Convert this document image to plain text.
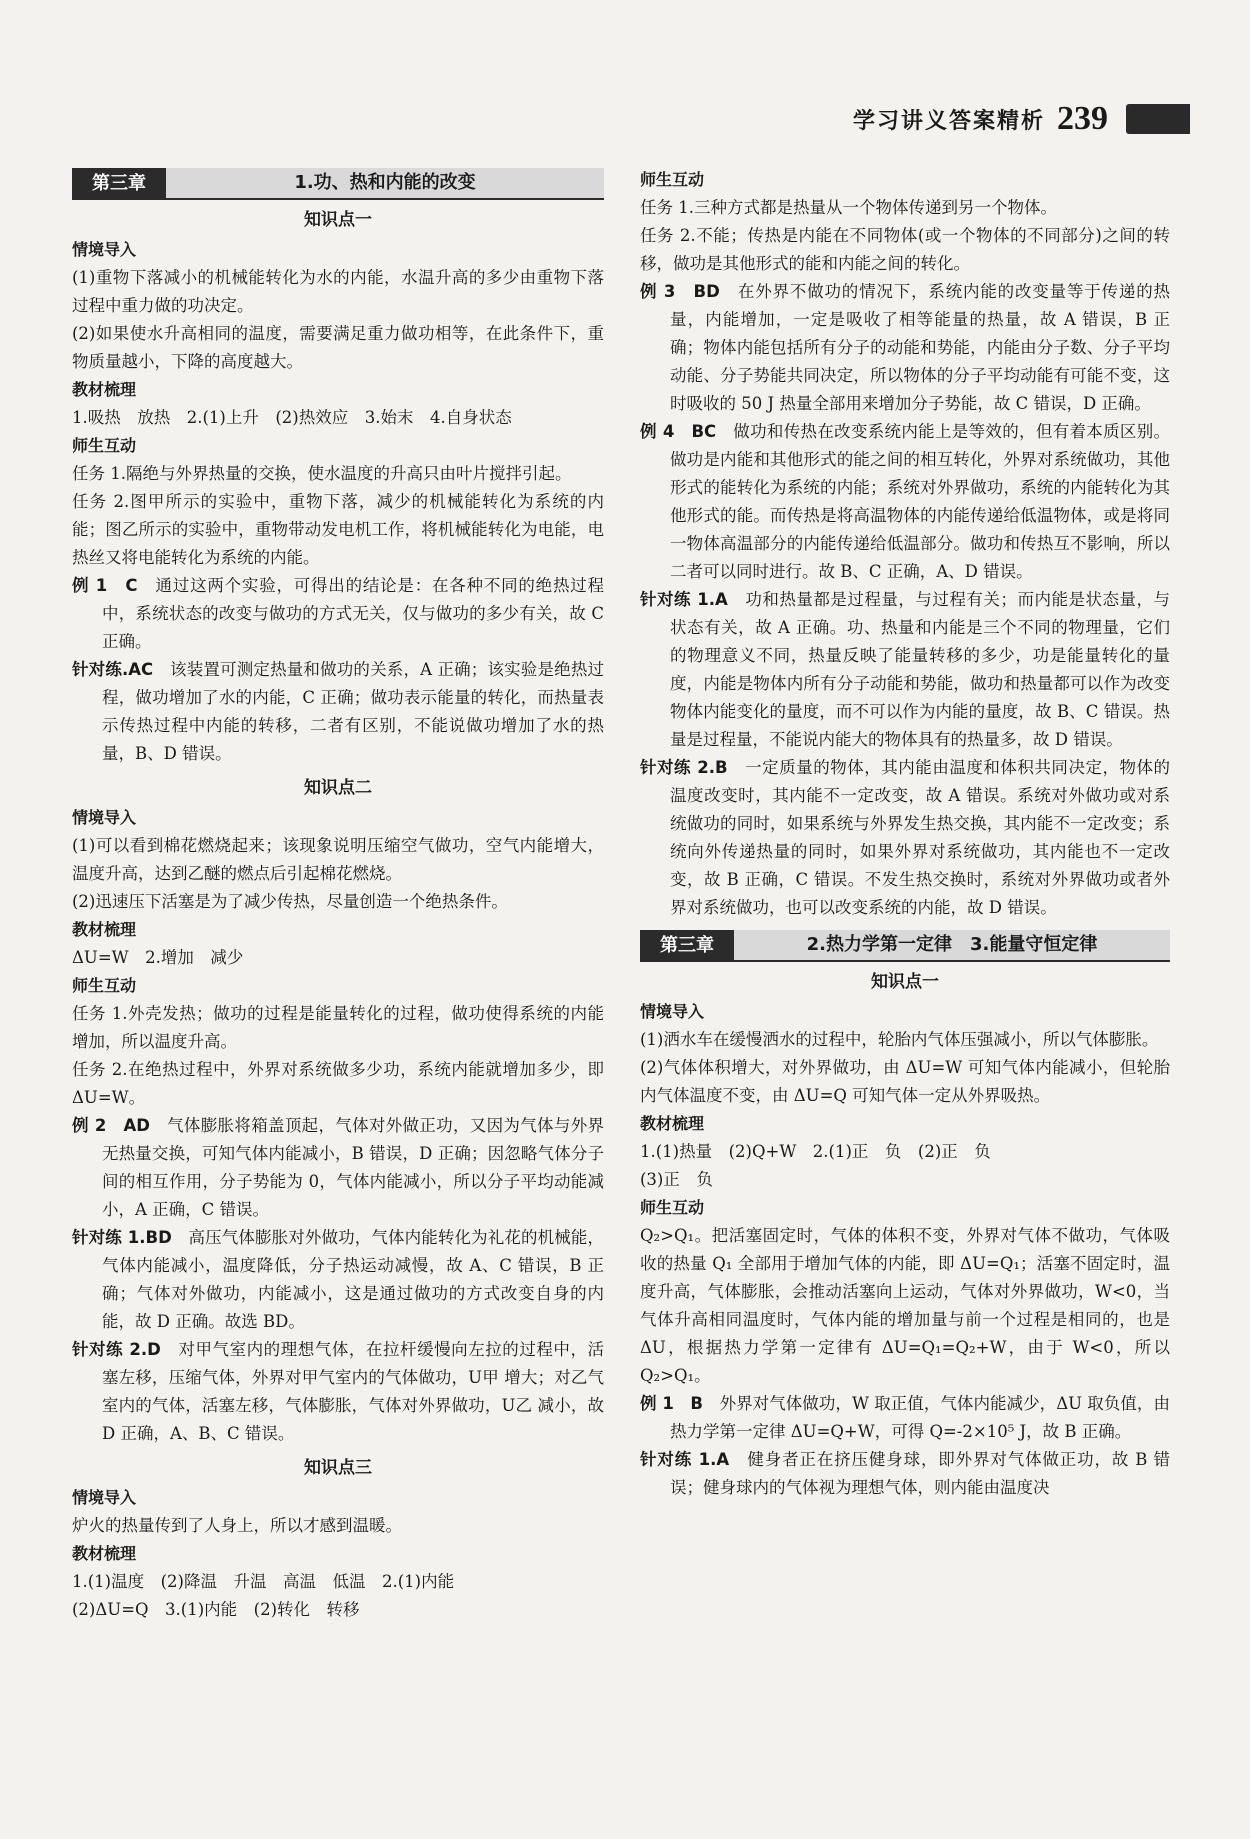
学习讲义答案精析 239
第三章	1.功、热和内能的改变
知识点一
情境导入
(1)重物下落减小的机械能转化为水的内能，水温升高的多少由重物下落过程中重力做的功决定。
(2)如果使水升高相同的温度，需要满足重力做功相等，在此条件下，重物质量越小，下降的高度越大。
教材梳理
1.吸热　放热　2.(1)上升　(2)热效应　3.始末　4.自身状态
师生互动
任务 1.隔绝与外界热量的交换，使水温度的升高只由叶片搅拌引起。
任务 2.图甲所示的实验中，重物下落，减少的机械能转化为系统的内能；图乙所示的实验中，重物带动发电机工作，将机械能转化为电能，电热丝又将电能转化为系统的内能。
例 1　C　 通过这两个实验，可得出的结论是：在各种不同的绝热过程中，系统状态的改变与做功的方式无关，仅与做功的多少有关，故 C 正确。
针对练.AC　 该装置可测定热量和做功的关系，A 正确；该实验是绝热过程，做功增加了水的内能，C 正确；做功表示能量的转化，而热量表示传热过程中内能的转移，二者有区别，不能说做功增加了水的热量，B、D 错误。
知识点二
情境导入
(1)可以看到棉花燃烧起来；该现象说明压缩空气做功，空气内能增大，温度升高，达到乙醚的燃点后引起棉花燃烧。
(2)迅速压下活塞是为了减少传热，尽量创造一个绝热条件。
教材梳理
ΔU=W　2.增加　减少
师生互动
任务 1.外壳发热；做功的过程是能量转化的过程，做功使得系统的内能增加，所以温度升高。
任务 2.在绝热过程中，外界对系统做多少功，系统内能就增加多少，即 ΔU=W。
例 2　AD　 气体膨胀将箱盖顶起，气体对外做正功，又因为气体与外界无热量交换，可知气体内能减小，B 错误，D 正确；因忽略气体分子间的相互作用，分子势能为 0，气体内能减小，所以分子平均动能减小，A 正确，C 错误。
针对练 1.BD　 高压气体膨胀对外做功，气体内能转化为礼花的机械能，气体内能减小，温度降低，分子热运动减慢，故 A、C 错误，B 正确；气体对外做功，内能减小，这是通过做功的方式改变自身的内能，故 D 正确。故选 BD。
针对练 2.D　 对甲气室内的理想气体，在拉杆缓慢向左拉的过程中，活塞左移，压缩气体，外界对甲气室内的气体做功，U甲 增大；对乙气室内的气体，活塞左移，气体膨胀，气体对外界做功，U乙 减小，故 D 正确，A、B、C 错误。
知识点三
情境导入
炉火的热量传到了人身上，所以才感到温暖。
教材梳理
1.(1)温度　(2)降温　升温　高温　低温　2.(1)内能
(2)ΔU=Q　3.(1)内能　(2)转化　转移
师生互动
任务 1.三种方式都是热量从一个物体传递到另一个物体。
任务 2.不能；传热是内能在不同物体(或一个物体的不同部分)之间的转移，做功是其他形式的能和内能之间的转化。
例 3　BD　 在外界不做功的情况下，系统内能的改变量等于传递的热量，内能增加，一定是吸收了相等能量的热量，故 A 错误，B 正确；物体内能包括所有分子的动能和势能，内能由分子数、分子平均动能、分子势能共同决定，所以物体的分子平均动能有可能不变，这时吸收的 50 J 热量全部用来增加分子势能，故 C 错误，D 正确。
例 4　BC　 做功和传热在改变系统内能上是等效的，但有着本质区别。做功是内能和其他形式的能之间的相互转化，外界对系统做功，其他形式的能转化为系统的内能；系统对外界做功，系统的内能转化为其他形式的能。而传热是将高温物体的内能传递给低温物体，或是将同一物体高温部分的内能传递给低温部分。做功和传热互不影响，所以二者可以同时进行。故 B、C 正确，A、D 错误。
针对练 1.A　 功和热量都是过程量，与过程有关；而内能是状态量，与状态有关，故 A 正确。功、热量和内能是三个不同的物理量，它们的物理意义不同，热量反映了能量转移的多少，功是能量转化的量度，内能是物体内所有分子动能和势能，做功和热量都可以作为改变物体内能变化的量度，而不可以作为内能的量度，故 B、C 错误。热量是过程量，不能说内能大的物体具有的热量多，故 D 错误。
针对练 2.B　 一定质量的物体，其内能由温度和体积共同决定，物体的温度改变时，其内能不一定改变，故 A 错误。系统对外做功或对系统做功的同时，如果系统与外界发生热交换，其内能不一定改变；系统向外传递热量的同时，如果外界对系统做功，其内能也不一定改变，故 B 正确，C 错误。不发生热交换时，系统对外界做功或者外界对系统做功，也可以改变系统的内能，故 D 错误。
第三章	2.热力学第一定律　3.能量守恒定律
知识点一
情境导入
(1)洒水车在缓慢洒水的过程中，轮胎内气体压强减小，所以气体膨胀。
(2)气体体积增大，对外界做功，由 ΔU=W 可知气体内能减小，但轮胎内气体温度不变，由 ΔU=Q 可知气体一定从外界吸热。
教材梳理
1.(1)热量　(2)Q+W　2.(1)正　负　(2)正　负
(3)正　负
师生互动
Q₂>Q₁。把活塞固定时，气体的体积不变，外界对气体不做功，气体吸收的热量 Q₁ 全部用于增加气体的内能，即 ΔU=Q₁；活塞不固定时，温度升高，气体膨胀，会推动活塞向上运动，气体对外界做功，W<0，当气体升高相同温度时，气体内能的增加量与前一个过程是相同的，也是 ΔU，根据热力学第一定律有 ΔU=Q₁=Q₂+W，由于 W<0，所以 Q₂>Q₁。
例 1　B　 外界对气体做功，W 取正值，气体内能减少，ΔU 取负值，由热力学第一定律 ΔU=Q+W，可得 Q=-2×10⁵ J，故 B 正确。
针对练 1.A　 健身者正在挤压健身球，即外界对气体做正功，故 B 错误；健身球内的气体视为理想气体，则内能由温度决
